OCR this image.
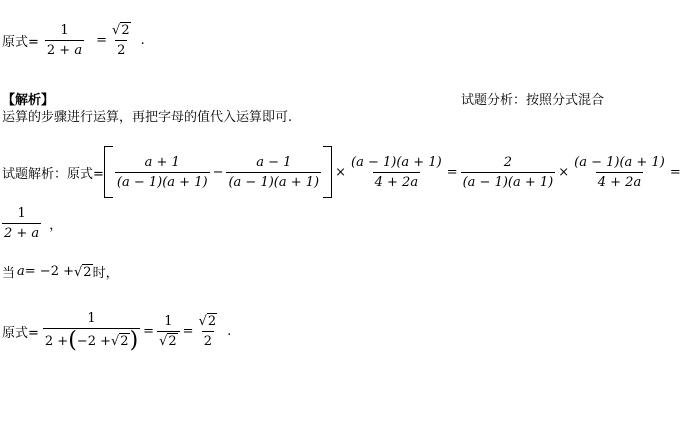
原式= $\frac{1}{2 + a} = \frac{√2}{2}$ .
【解析】	试题分析：按照分式混合
运算的步骤进行运算，再把字母的值代入运算即可.
试题解析：原式= $\frac{a + 1}{(a - 1)(a + 1)} - \frac{a - 1}{(a - 1)(a + 1)} \times \frac{(a - 1)(a + 1)}{4 + 2a} = \frac{2}{(a - 1)(a + 1)} \times \frac{(a - 1)(a + 1)}{4 + 2a}$ =
$\frac{1}{2 + a}$ ，
当 a = −2 + √2 时，
原式= $\frac{1}{2 + ( -2 + √2 )} = \frac{1}{√2} = \frac{√2}{2}$ .
